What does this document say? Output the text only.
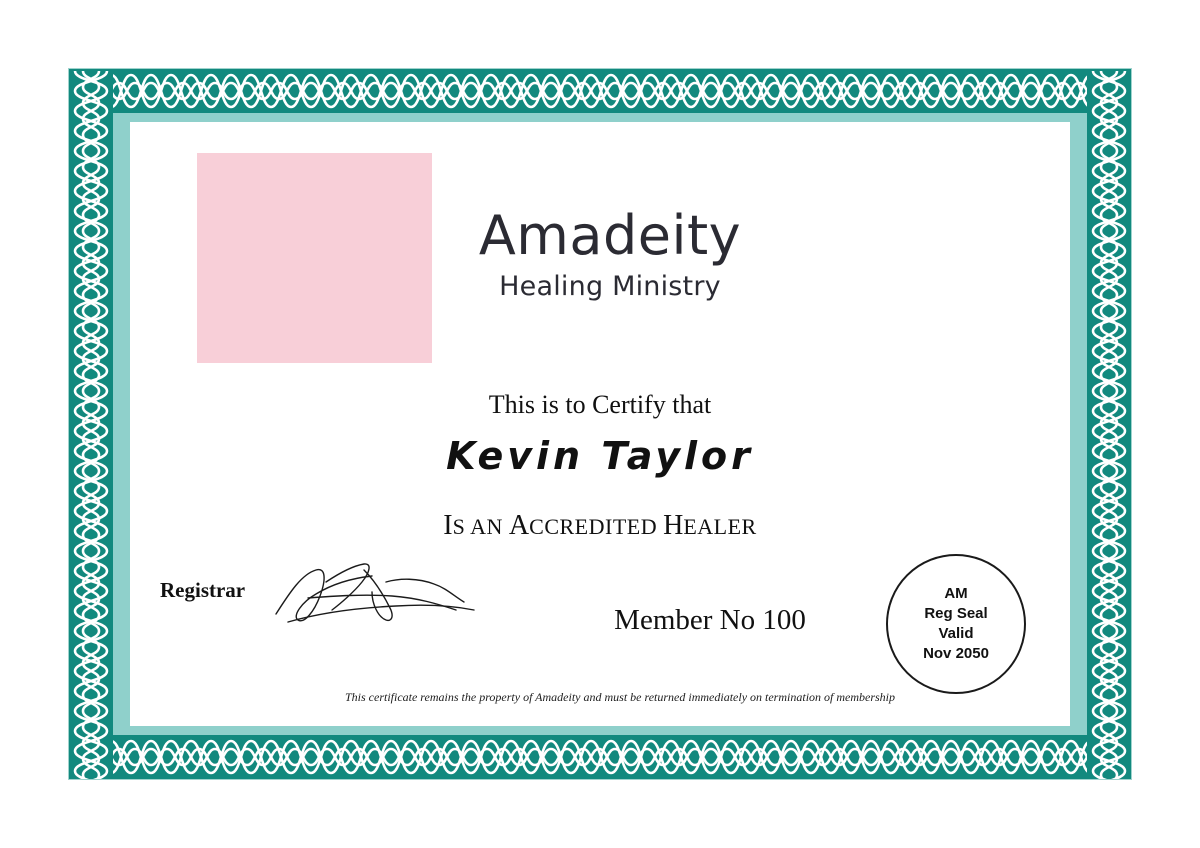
Amadeity
Healing Ministry
This is to Certify that
Kevin Taylor
IS AN ACCREDITED HEALER
Registrar
Member No 100
AM
Reg Seal
Valid
Nov 2050
This certificate remains the property of Amadeity and must be returned immediately on termination of membership
